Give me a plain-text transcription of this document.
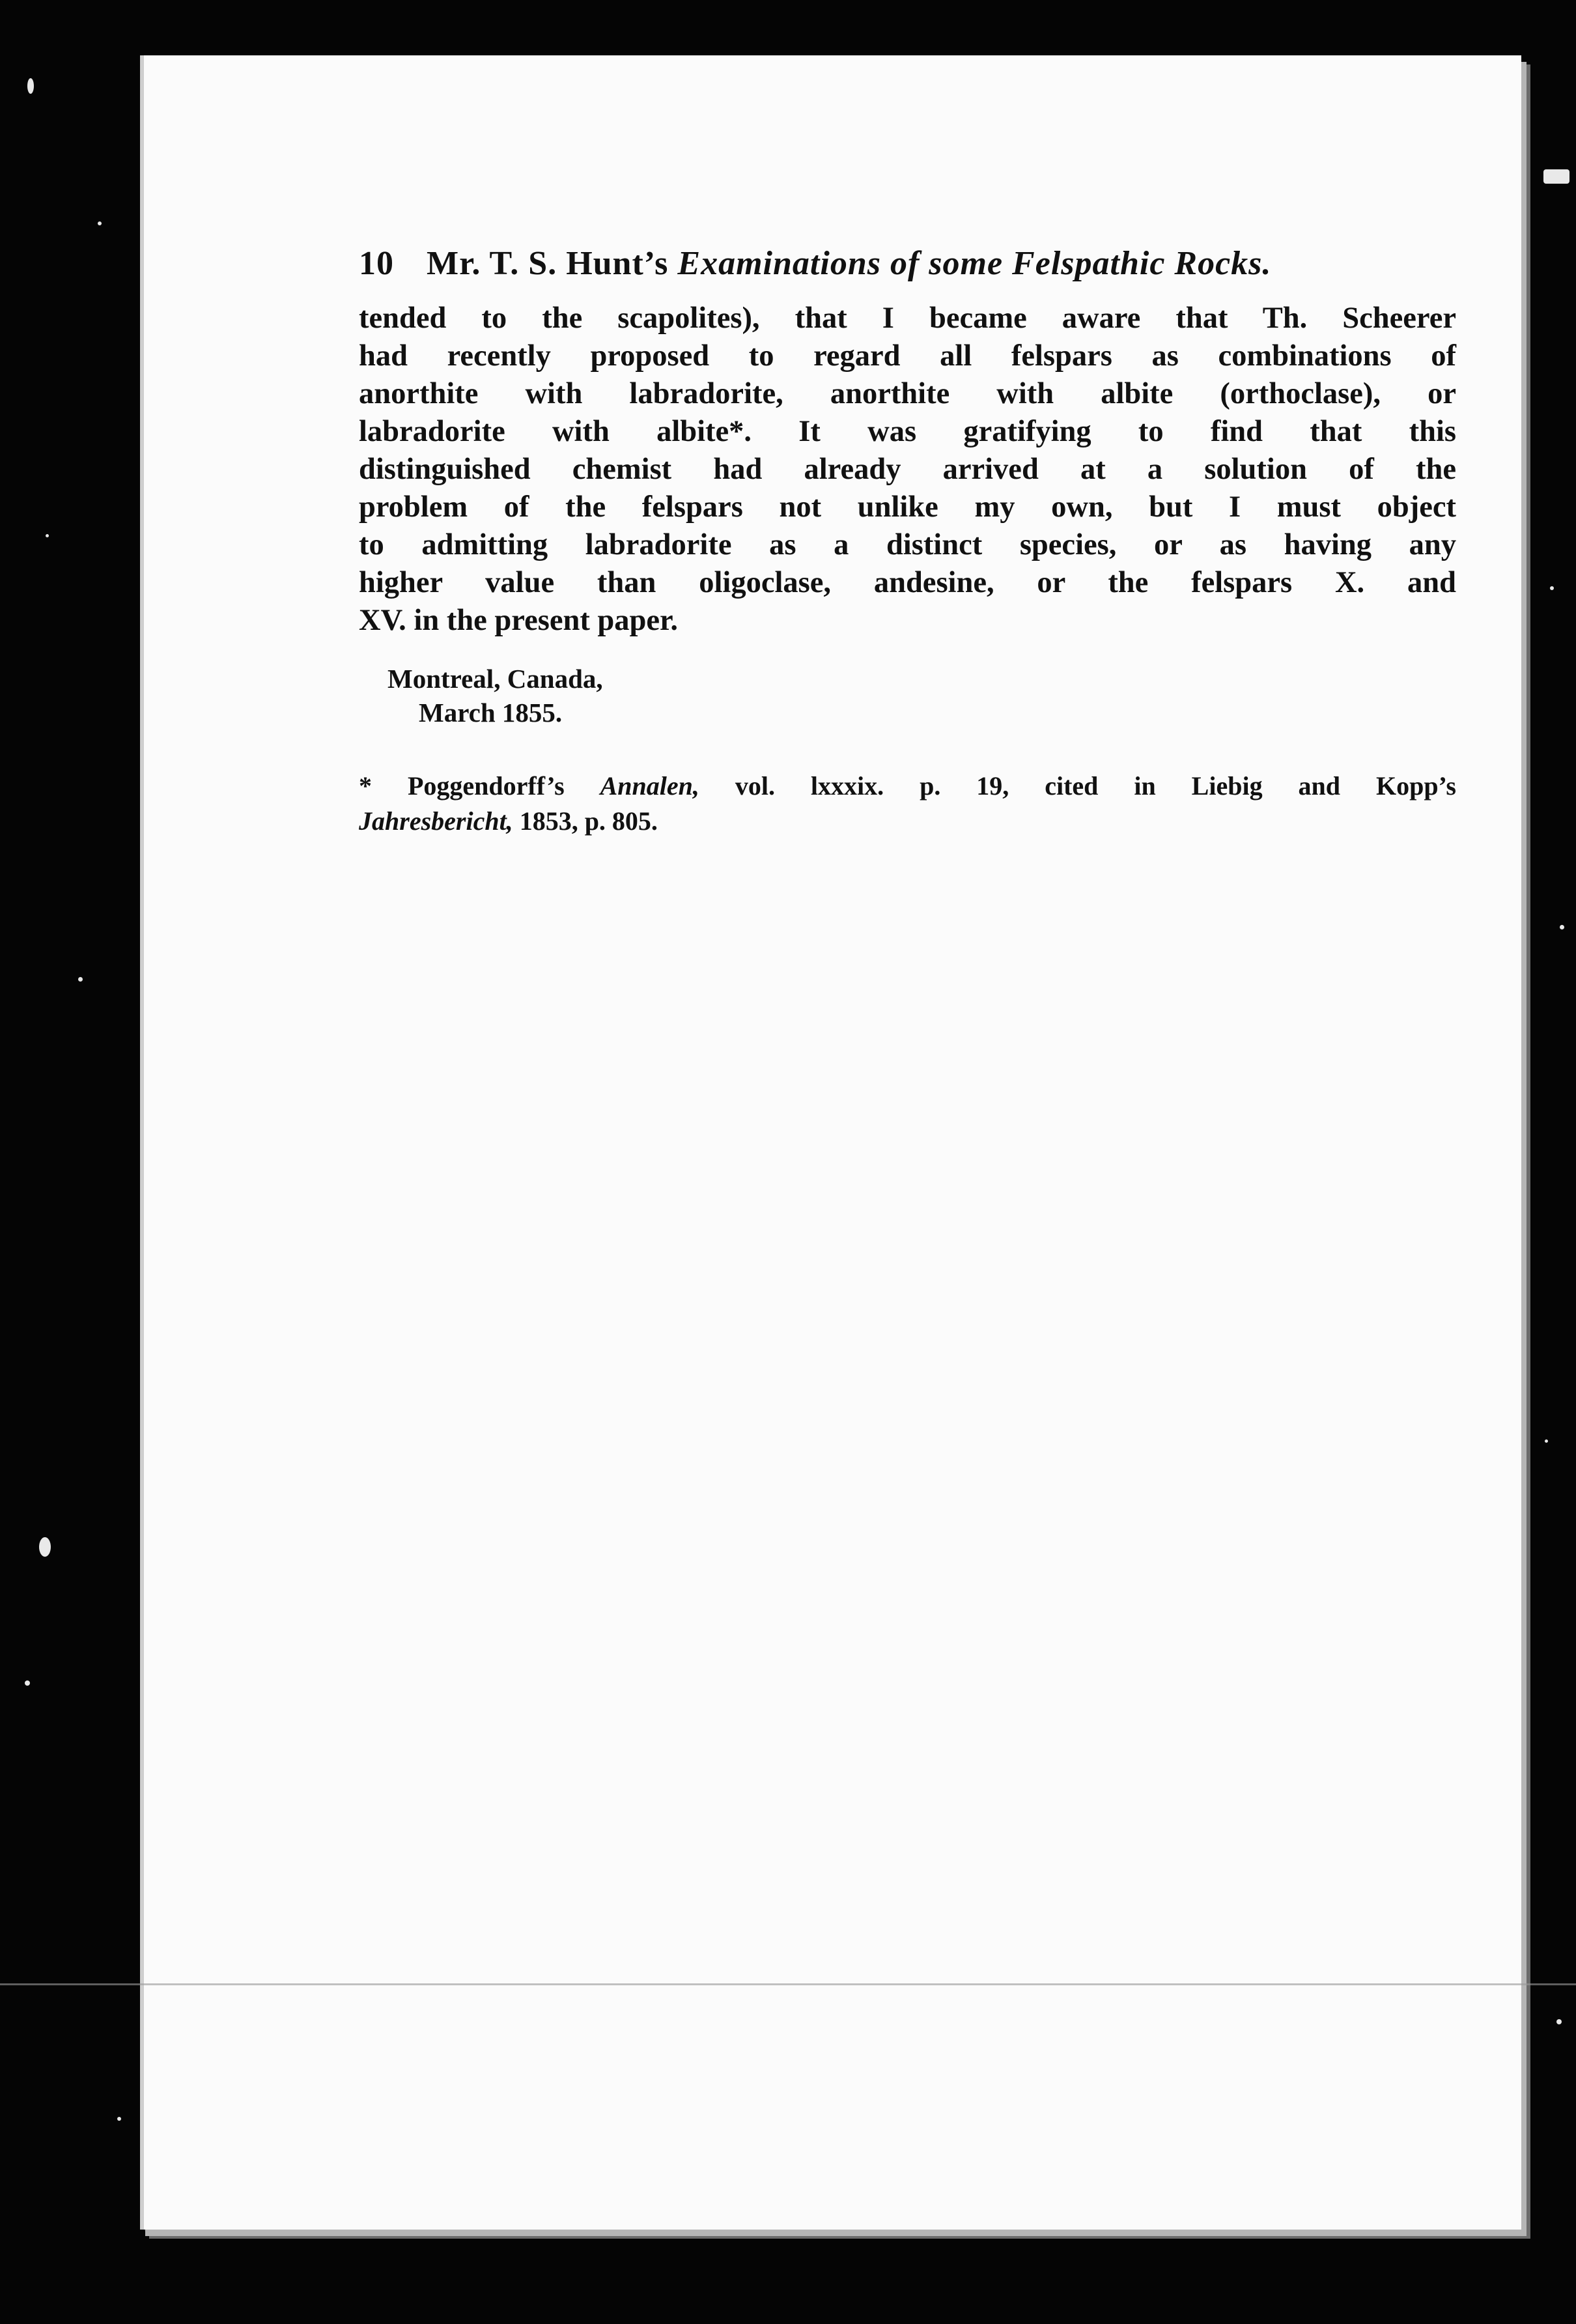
10 Mr. T. S. Hunt’s Examinations of some Felspathic Rocks.
tended to the scapolites), that I became aware that Th. Scheerer
had recently proposed to regard all felspars as combinations of
anorthite with labradorite, anorthite with albite (orthoclase), or
labradorite with albite*. It was gratifying to find that this
distinguished chemist had already arrived at a solution of the
problem of the felspars not unlike my own, but I must object
to admitting labradorite as a distinct species, or as having any
higher value than oligoclase, andesine, or the felspars X. and
XV. in the present paper.
Montreal, Canada,
March 1855.
* Poggendorff’s Annalen, vol. lxxxix. p. 19, cited in Liebig and Kopp’s
Jahresbericht, 1853, p. 805.
